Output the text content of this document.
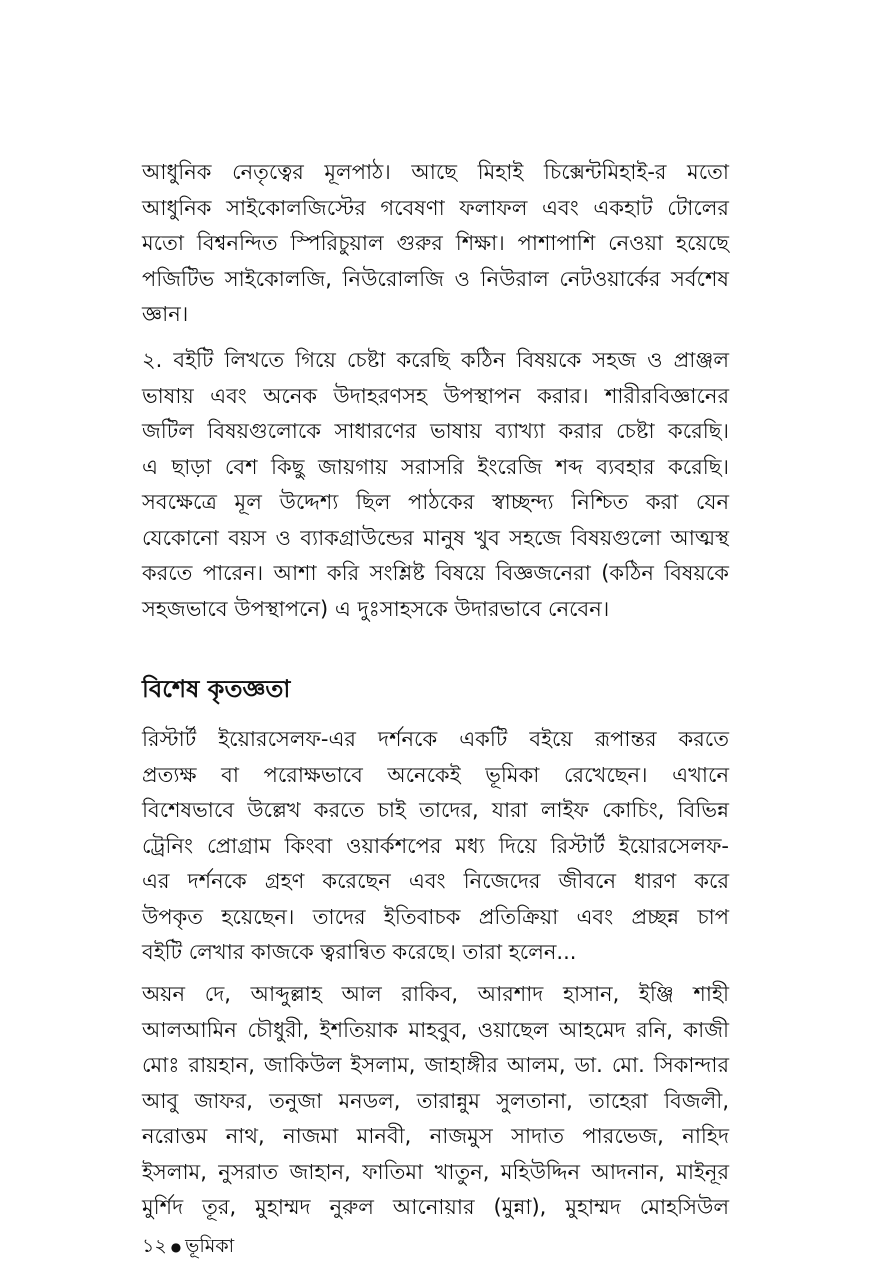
আধুনিক নেতৃত্বের মূলপাঠ। আছে মিহাই চিক্সেন্টমিহাই-র মতো
আধুনিক সাইকোলজিস্টের গবেষণা ফলাফল এবং একহাট টোলের
মতো বিশ্বনন্দিত স্পিরিচুয়াল গুরুর শিক্ষা। পাশাপাশি নেওয়া হয়েছে
পজিটিভ সাইকোলজি, নিউরোলজি ও নিউরাল নেটওয়ার্কের সর্বশেষ
জ্ঞান।
২. বইটি লিখতে গিয়ে চেষ্টা করেছি কঠিন বিষয়কে সহজ ও প্রাঞ্জল
ভাষায় এবং অনেক উদাহরণসহ উপস্থাপন করার। শারীরবিজ্ঞানের
জটিল বিষয়গুলোকে সাধারণের ভাষায় ব্যাখ্যা করার চেষ্টা করেছি।
এ ছাড়া বেশ কিছু জায়গায় সরাসরি ইংরেজি শব্দ ব্যবহার করেছি।
সবক্ষেত্রে মূল উদ্দেশ্য ছিল পাঠকের স্বাচ্ছন্দ্য নিশ্চিত করা যেন
যেকোনো বয়স ও ব্যাকগ্রাউন্ডের মানুষ খুব সহজে বিষয়গুলো আত্মস্থ
করতে পারেন। আশা করি সংশ্লিষ্ট বিষয়ে বিজ্ঞজনেরা (কঠিন বিষয়কে
সহজভাবে উপস্থাপনে) এ দুঃসাহসকে উদারভাবে নেবেন।
বিশেষ কৃতজ্ঞতা
রিস্টার্ট ইয়োরসেলফ-এর দর্শনকে একটি বইয়ে রূপান্তর করতে
প্রত্যক্ষ বা পরোক্ষভাবে অনেকেই ভূমিকা রেখেছেন। এখানে
বিশেষভাবে উল্লেখ করতে চাই তাদের, যারা লাইফ কোচিং, বিভিন্ন
ট্রেনিং প্রোগ্রাম কিংবা ওয়ার্কশপের মধ্য দিয়ে রিস্টার্ট ইয়োরসেলফ-
এর দর্শনকে গ্রহণ করেছেন এবং নিজেদের জীবনে ধারণ করে
উপকৃত হয়েছেন। তাদের ইতিবাচক প্রতিক্রিয়া এবং প্রচ্ছন্ন চাপ
বইটি লেখার কাজকে ত্বরান্বিত করেছে। তারা হলেন...
অয়ন দে, আব্দুল্লাহ আল রাকিব, আরশাদ হাসান, ইঞ্জি শাহী
আলআমিন চৌধুরী, ইশতিয়াক মাহবুব, ওয়াছেল আহমেদ রনি, কাজী
মোঃ রায়হান, জাকিউল ইসলাম, জাহাঙ্গীর আলম, ডা. মো. সিকান্দার
আবু জাফর, তনুজা মনডল, তারান্নুম সুলতানা, তাহেরা বিজলী,
নরোত্তম নাথ, নাজমা মানবী, নাজমুস সাদাত পারভেজ, নাহিদ
ইসলাম, নুসরাত জাহান, ফাতিমা খাতুন, মহিউদ্দিন আদনান, মাইনূর
মুর্শিদ তূর, মুহাম্মদ নুরুল আনোয়ার (মুন্না), মুহাম্মদ মোহসিউল
১২ ● ভূমিকা
